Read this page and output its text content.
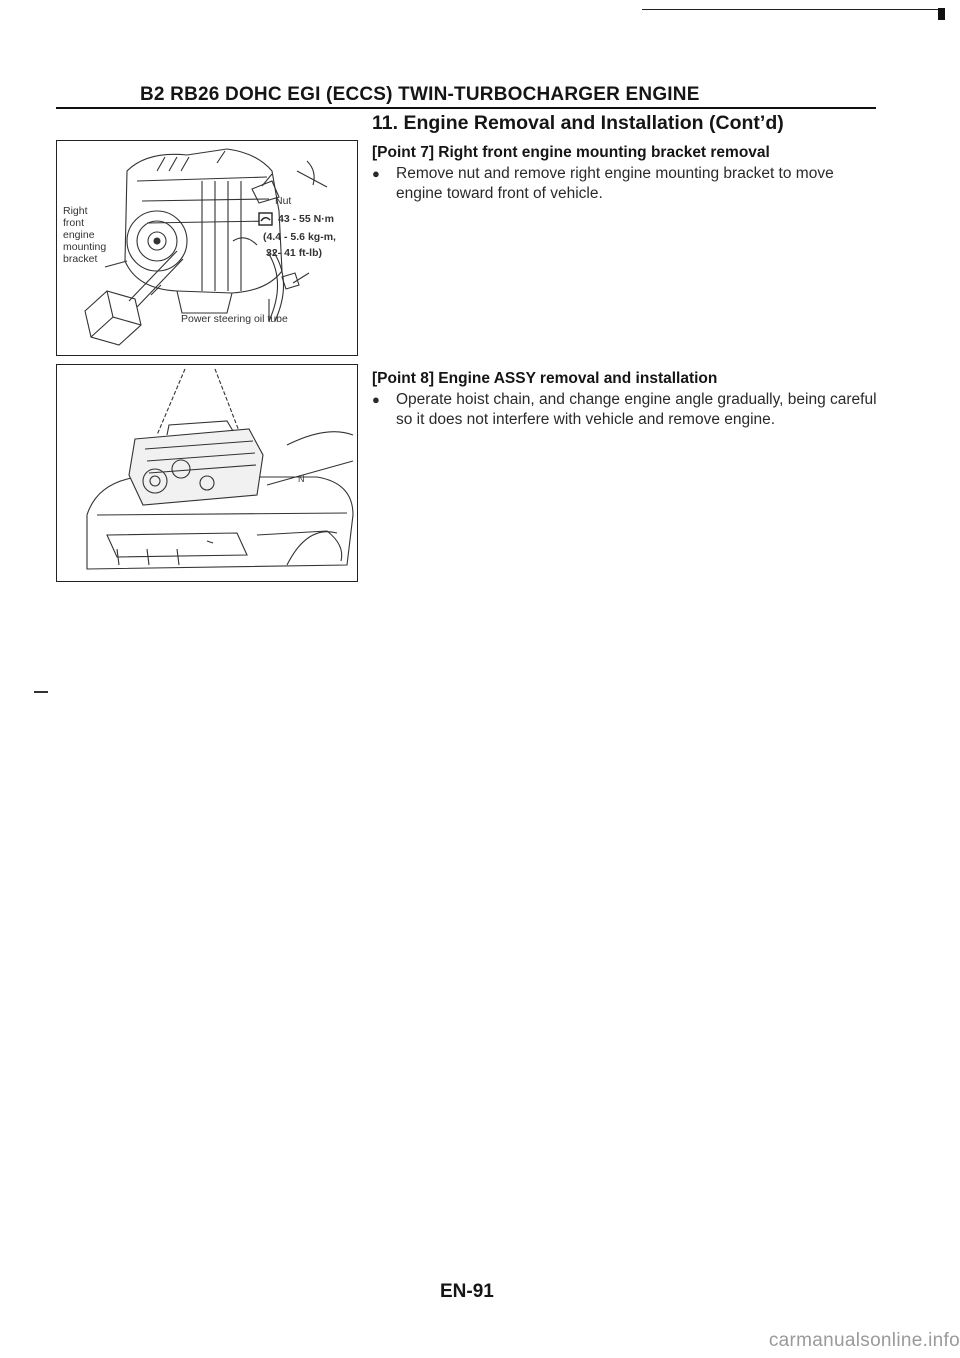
B2 RB26 DOHC EGI (ECCS) TWIN-TURBOCHARGER ENGINE
11. Engine Removal and Installation (Cont’d)
[Point 7] Right front engine mounting bracket removal
●	Remove nut and remove right engine mounting bracket to move engine toward front of vehicle.
[Point 8] Engine ASSY removal and installation
●	Operate hoist chain, and change engine angle gradually, being careful so it does not interfere with vehicle and remove engine.
Right
front
engine
mounting
bracket
Nut
43 - 55 N·m
(4.4 - 5.6 kg-m,
32- 41 ft-lb)
Power steering oil tube
N
EN-91
carmanualsonline.info
